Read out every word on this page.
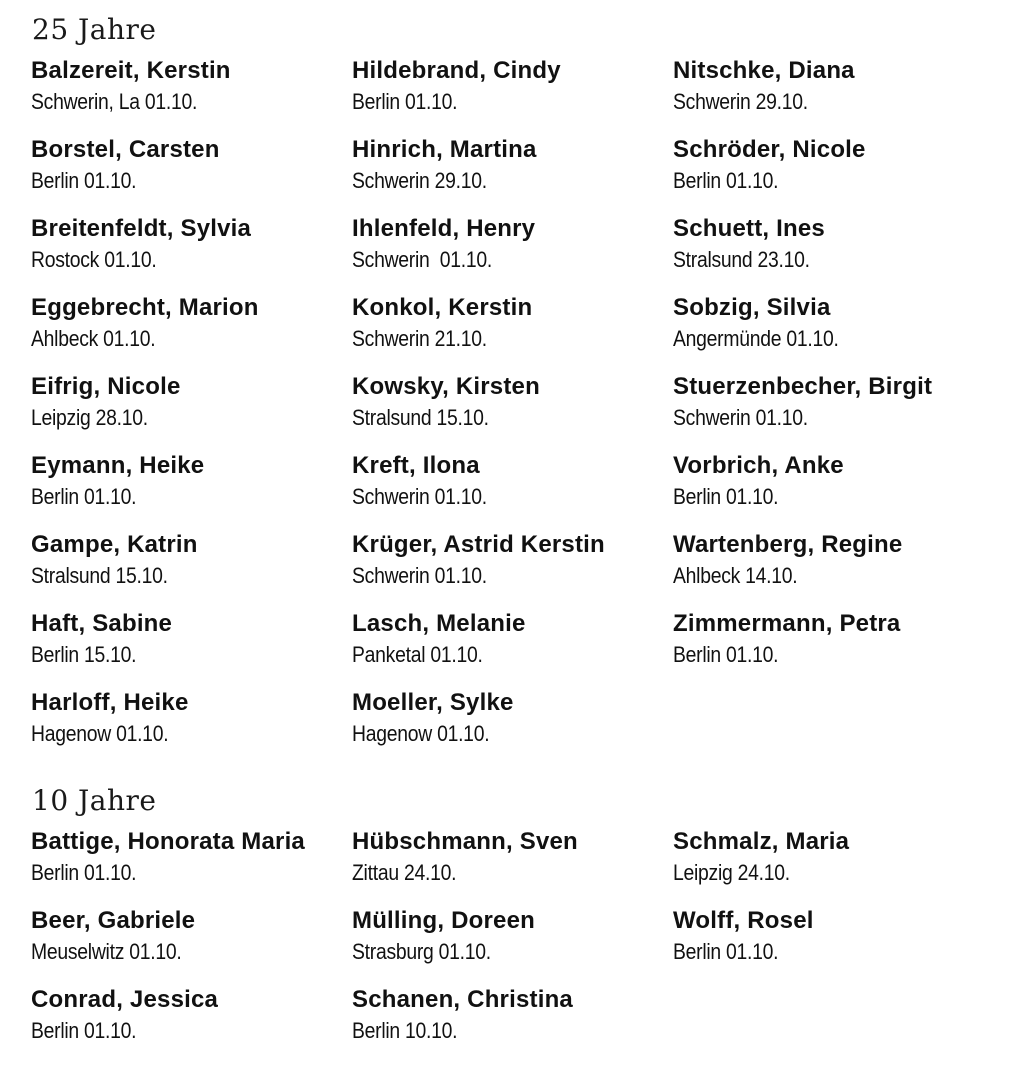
25 Jahre
Balzereit, Kerstin
Schwerin, La 01.10.
Borstel, Carsten
Berlin 01.10.
Breitenfeldt, Sylvia
Rostock 01.10.
Eggebrecht, Marion
Ahlbeck 01.10.
Eifrig, Nicole
Leipzig 28.10.
Eymann, Heike
Berlin 01.10.
Gampe, Katrin
Stralsund 15.10.
Haft, Sabine
Berlin 15.10.
Harloff, Heike
Hagenow 01.10.
Hildebrand, Cindy
Berlin 01.10.
Hinrich, Martina
Schwerin 29.10.
Ihlenfeld, Henry
Schwerin  01.10.
Konkol, Kerstin
Schwerin 21.10.
Kowsky, Kirsten
Stralsund 15.10.
Kreft, Ilona
Schwerin 01.10.
Krüger, Astrid Kerstin
Schwerin 01.10.
Lasch, Melanie
Panketal 01.10.
Moeller, Sylke
Hagenow 01.10.
Nitschke, Diana
Schwerin 29.10.
Schröder, Nicole
Berlin 01.10.
Schuett, Ines
Stralsund 23.10.
Sobzig, Silvia
Angermünde 01.10.
Stuerzenbecher, Birgit
Schwerin 01.10.
Vorbrich, Anke
Berlin 01.10.
Wartenberg, Regine
Ahlbeck 14.10.
Zimmermann, Petra
Berlin 01.10.
10 Jahre
Battige, Honorata Maria
Berlin 01.10.
Beer, Gabriele
Meuselwitz 01.10.
Conrad, Jessica
Berlin 01.10.
Hübschmann, Sven
Zittau 24.10.
Mülling, Doreen
Strasburg 01.10.
Schanen, Christina
Berlin 10.10.
Schmalz, Maria
Leipzig 24.10.
Wolff, Rosel
Berlin 01.10.
